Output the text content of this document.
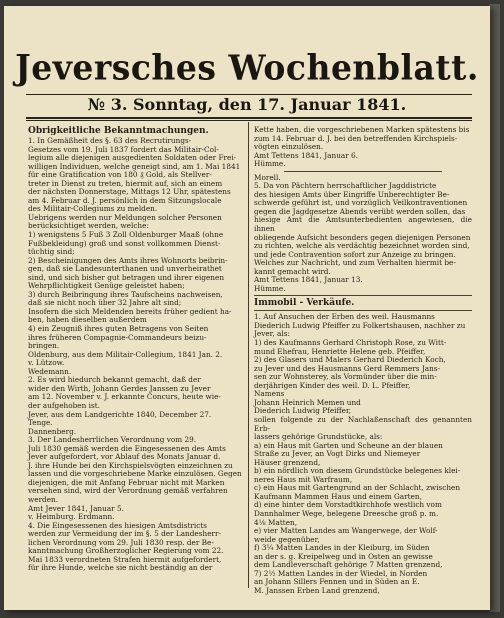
Jeversches Wochenblatt.
№ 3. Sonntag, den 17. Januar 1841.

Obrigkeitliche Bekanntmachungen.

1. In Gemäßheit des §. 63 des Recrutirungs-

Gesetzes vom 19. Juli 1837 fordert das Militair-Col-

legium alle diejenigen ausgedienten Soldaten oder Frei-

willigen Individuen, welche geneigt sind, am 1. Mai 1841

für eine Gratification von 180 ₰ Gold, als Stellver-

treter in Dienst zu treten, hiermit auf, sich an einem

der nächsten Donnerstage, Mittags 12 Uhr, spätestens

am 4. Februar d. J. persönlich in dem Sitzungslocale

des Militair-Collegiums zu melden.

Uebrigens werden nur Meldungen solcher Personen

berücksichtiget werden, welche:

1) wenigstens 5 Fuß 3 Zoll Oldenburger Maaß (ohne

Fußbekleidung) groß und sonst vollkommen Dienst-

tüchtig sind;

2) Bescheinigungen des Amts ihres Wohnorts beibrin-

gen, daß sie Landesunterthanen und unverheirathet

sind, und sich bisher gut betragen und ihrer eigenen

Wehrpflichtigkeit Genüge geleistet haben;

3) durch Beibringung ihres Taufscheins nachweisen,

daß sie nicht noch über 32 Jahre alt sind;

Insofern die sich Meldenden bereits früher gedient ha-

ben, haben dieselben außerdem

4) ein Zeugniß ihres guten Betragens von Seiten

ihres früheren Compagnie-Commandeurs beizu-

bringen.

Oldenburg, aus dem Militair-Collegium, 1841 Jan. 2.

v. Lützow.

Wedemann.

2. Es wird hiedurch bekannt gemacht, daß der

wider den Wirth, Johann Gerdes Janssen zu Jever

am 12. November v. J. erkannte Concurs, heute wie-

der aufgehoben ist.

Jever, aus dem Landgerichte 1840, December 27.

Tenge.

Dannenberg.

3. Der Landesherrlichen Verordnung vom 29.

Juli 1830 gemäß werden die Eingesessenen des Amts

Jever aufgefordert, vor Ablauf des Monats Januar d.

J. ihre Hunde bei den Kirchspielsvögten einzeichnen zu

lassen und die vorgeschriebene Marke einzulösen. Gegen

diejenigen, die mit Anfang Februar nicht mit Marken

versehen sind, wird der Verordnung gemäß verfahren

werden.

Amt Jever 1841, Januar 5.

v. Heimburg. Erdmann.

4. Die Eingesessenen des hiesigen Amtsdistricts

werden zur Vermeidung der im §. 5 der Landesherr-

lichen Verordnung vom 29. Juli 1830 resp. der Be-

kanntmachung Großherzoglicher Regierung vom 22.

Mai 1833 verordneten Strafen hiermit aufgefordert,

für ihre Hunde, welche sie nicht beständig an der

Kette haben, die vorgeschriebenen Marken spätestens bis

zum 14. Februar d. J. bei den betreffenden Kirchspiels-

vögten einzulösen.

Amt Tettens 1841, Januar 6.

Hümme.

Morell.

5. Da von Pächtern herrschaftlicher Jagddistricte

des hiesigen Amts über Eingriffe Unberechtigter Be-

schwerde geführt ist, und vorzüglich Veilkontraventionen

gegen die Jagdgesetze Abends verübt werden sollen, das

hiesige Amt die Amtsunterbedienten angewiesen, die ihnen

obliegende Aufsicht besonders gegen diejenigen Personen

zu richten, welche als verdächtig bezeichnet worden sind,

und jede Contravention sofort zur Anzeige zu bringen.

Welches zur Nachricht, und zum Verhalten hiermit be-

kannt gemacht wird.

Amt Tettens 1841, Januar 13.

Hümme.

Immobil - Verkäufe.

1. Auf Ansuchen der Erben des weil. Hausmanns

Diederich Ludwig Pfeiffer zu Folkertshausen, nachher zu

Jever, als:

1) des Kaufmanns Gerhard Christoph Rose, zu Witt-

mund Ehefrau, Henriette Helene geb. Pfeiffer,

2) des Glasers und Malers Gerhard Diederich Koch,

zu Jever und des Hausmanns Gerd Remmers Jans-

sen zur Wohnsterey, als Vormünder über die min-

derjährigen Kinder des weil. D. L. Pfeiffer,

Namens

Johann Heinrich Memen und

Diederich Ludwig Pfeiffer,

sollen folgende zu der Nachlaßenschaft des genannten Erb-

lassers gehörige Grundstücke, als:

a) ein Haus mit Garten und Scheune an der blauen

Straße zu Jever, an Vogt Dirks und Niemeyer

Häuser grenzend,

b) ein nördlich von diesem Grundstücke belegenes klei-

neres Haus mit Warfraum,

c) ein Haus mit Gartengrund an der Schlacht, zwischen

Kaufmann Mammen Haus und einem Garten,

d) eine hinter dem Vorstadtkirchhofe westlich vom

Dannhalmer Wege, belegene Dreesche groß p. m.

4⅛ Matten,

e) vier Matten Landes am Wangerwege, der Wolf-

weide gegenüber,

f) 3¼ Matten Landes in der Kleiburg, im Süden

an der s. g. Kreipelweg und in Osten an gewisse

dem Landleverschaft gehörige 7 Matten grenzend,

7) 2½ Matten Landes in der Wiedel, in Norden

an Johann Sillers Fennen und in Süden an E.

M. Janssen Erben Land grenzend,
